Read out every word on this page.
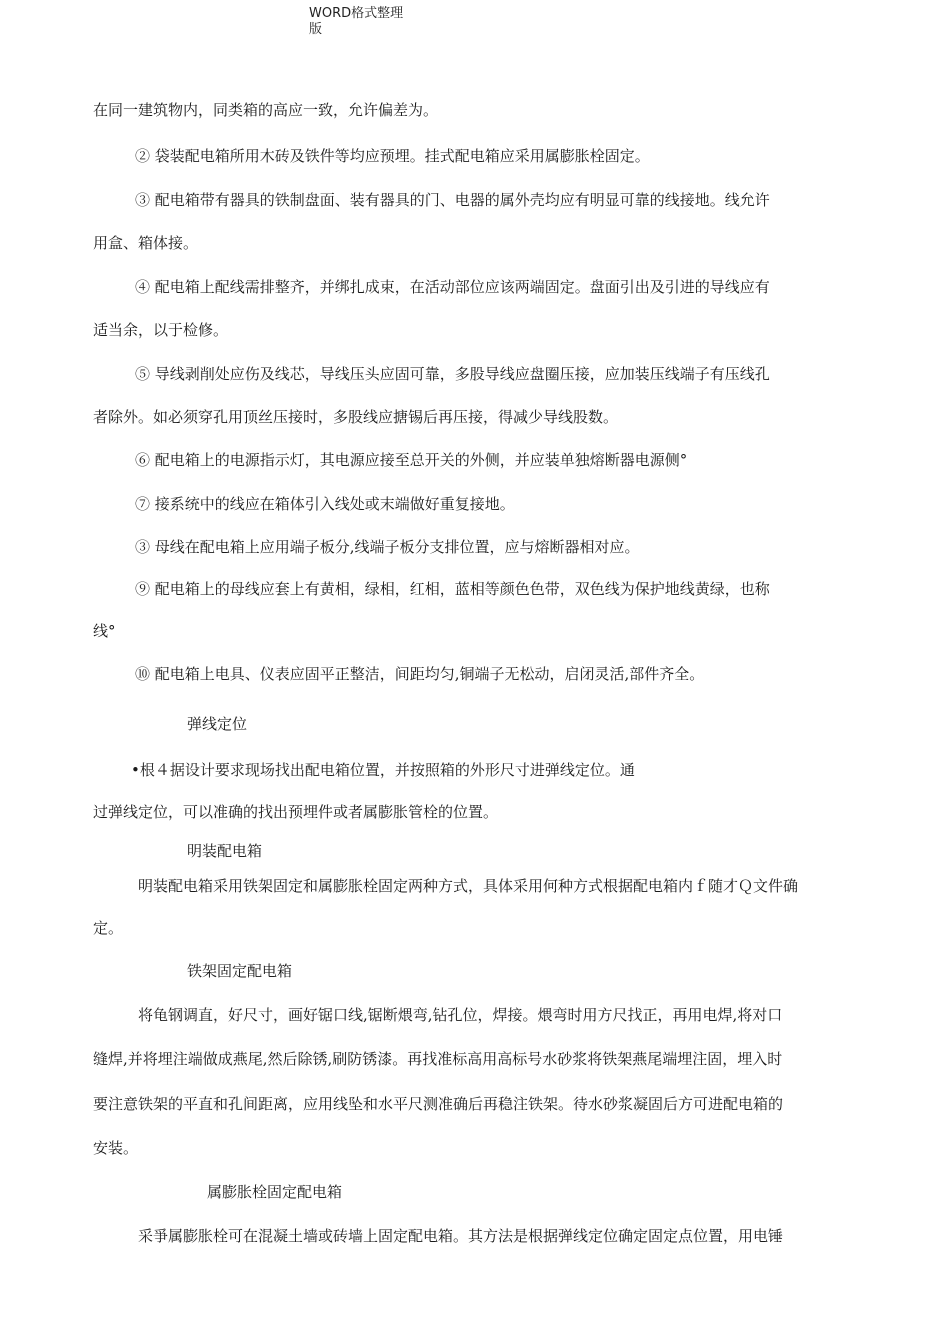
WORD格式整理
版
在同一建筑物内，同类箱的高应一致，允许偏差为。
② 袋装配电箱所用木砖及铁件等均应预埋。挂式配电箱应采用属膨胀栓固定。
③ 配电箱带有器具的铁制盘面、装有器具的门、电器的属外壳均应有明显可靠的线接地。线允许
用盒、箱体接。
④ 配电箱上配线需排整齐，并绑扎成束，在活动部位应该两端固定。盘面引出及引进的导线应有
适当余，以于检修。
⑤ 导线剥削处应伤及线芯，导线压头应固可靠，多股导线应盘圈压接，应加装压线端子有压线孔
者除外。如必须穿孔用顶丝压接时，多股线应搪锡后再压接，得减少导线股数。
⑥ 配电箱上的电源指示灯，其电源应接至总开关的外侧，并应装单独熔断器电源侧°
⑦ 接系统中的线应在箱体引入线处或末端做好重复接地。
③ 母线在配电箱上应用端子板分,线端子板分支排位置，应与熔断器相对应。
⑨ 配电箱上的母线应套上有黄相，绿相，红相，蓝相等颜色色带，双色线为保护地线黄绿，也称
线°
⑩ 配电箱上电具、仪表应固平正整洁，间距均匀,铜端子无松动，启闭灵活,部件齐全。
弹线定位
•根４据设计要求现场找出配电箱位置，并按照箱的外形尺寸进弹线定位。通
过弹线定位，可以准确的找出预埋件或者属膨胀管栓的位置。
明装配电箱
明装配电箱采用铁架固定和属膨胀栓固定两种方式，具体采用何种方式根据配电箱内ｆ随才Ｑ文件确
定。
铁架固定配电箱
将龟钢调直，好尺寸，画好锯口线,锯断煨弯,钻孔位，焊接。煨弯时用方尺找正，再用电焊,将对口
缝焊,并将埋注端做成燕尾,然后除锈,刷防锈漆。再找准标高用高标号水砂浆将铁架燕尾端埋注固，埋入时
要注意铁架的平直和孔间距离，应用线坠和水平尺测准确后再稳注铁架。待水砂浆凝固后方可进配电箱的
安装。
属膨胀栓固定配电箱
采爭属膨胀栓可在混凝土墙或砖墙上固定配电箱。其方法是根据弹线定位确定固定点位置，用电锤
